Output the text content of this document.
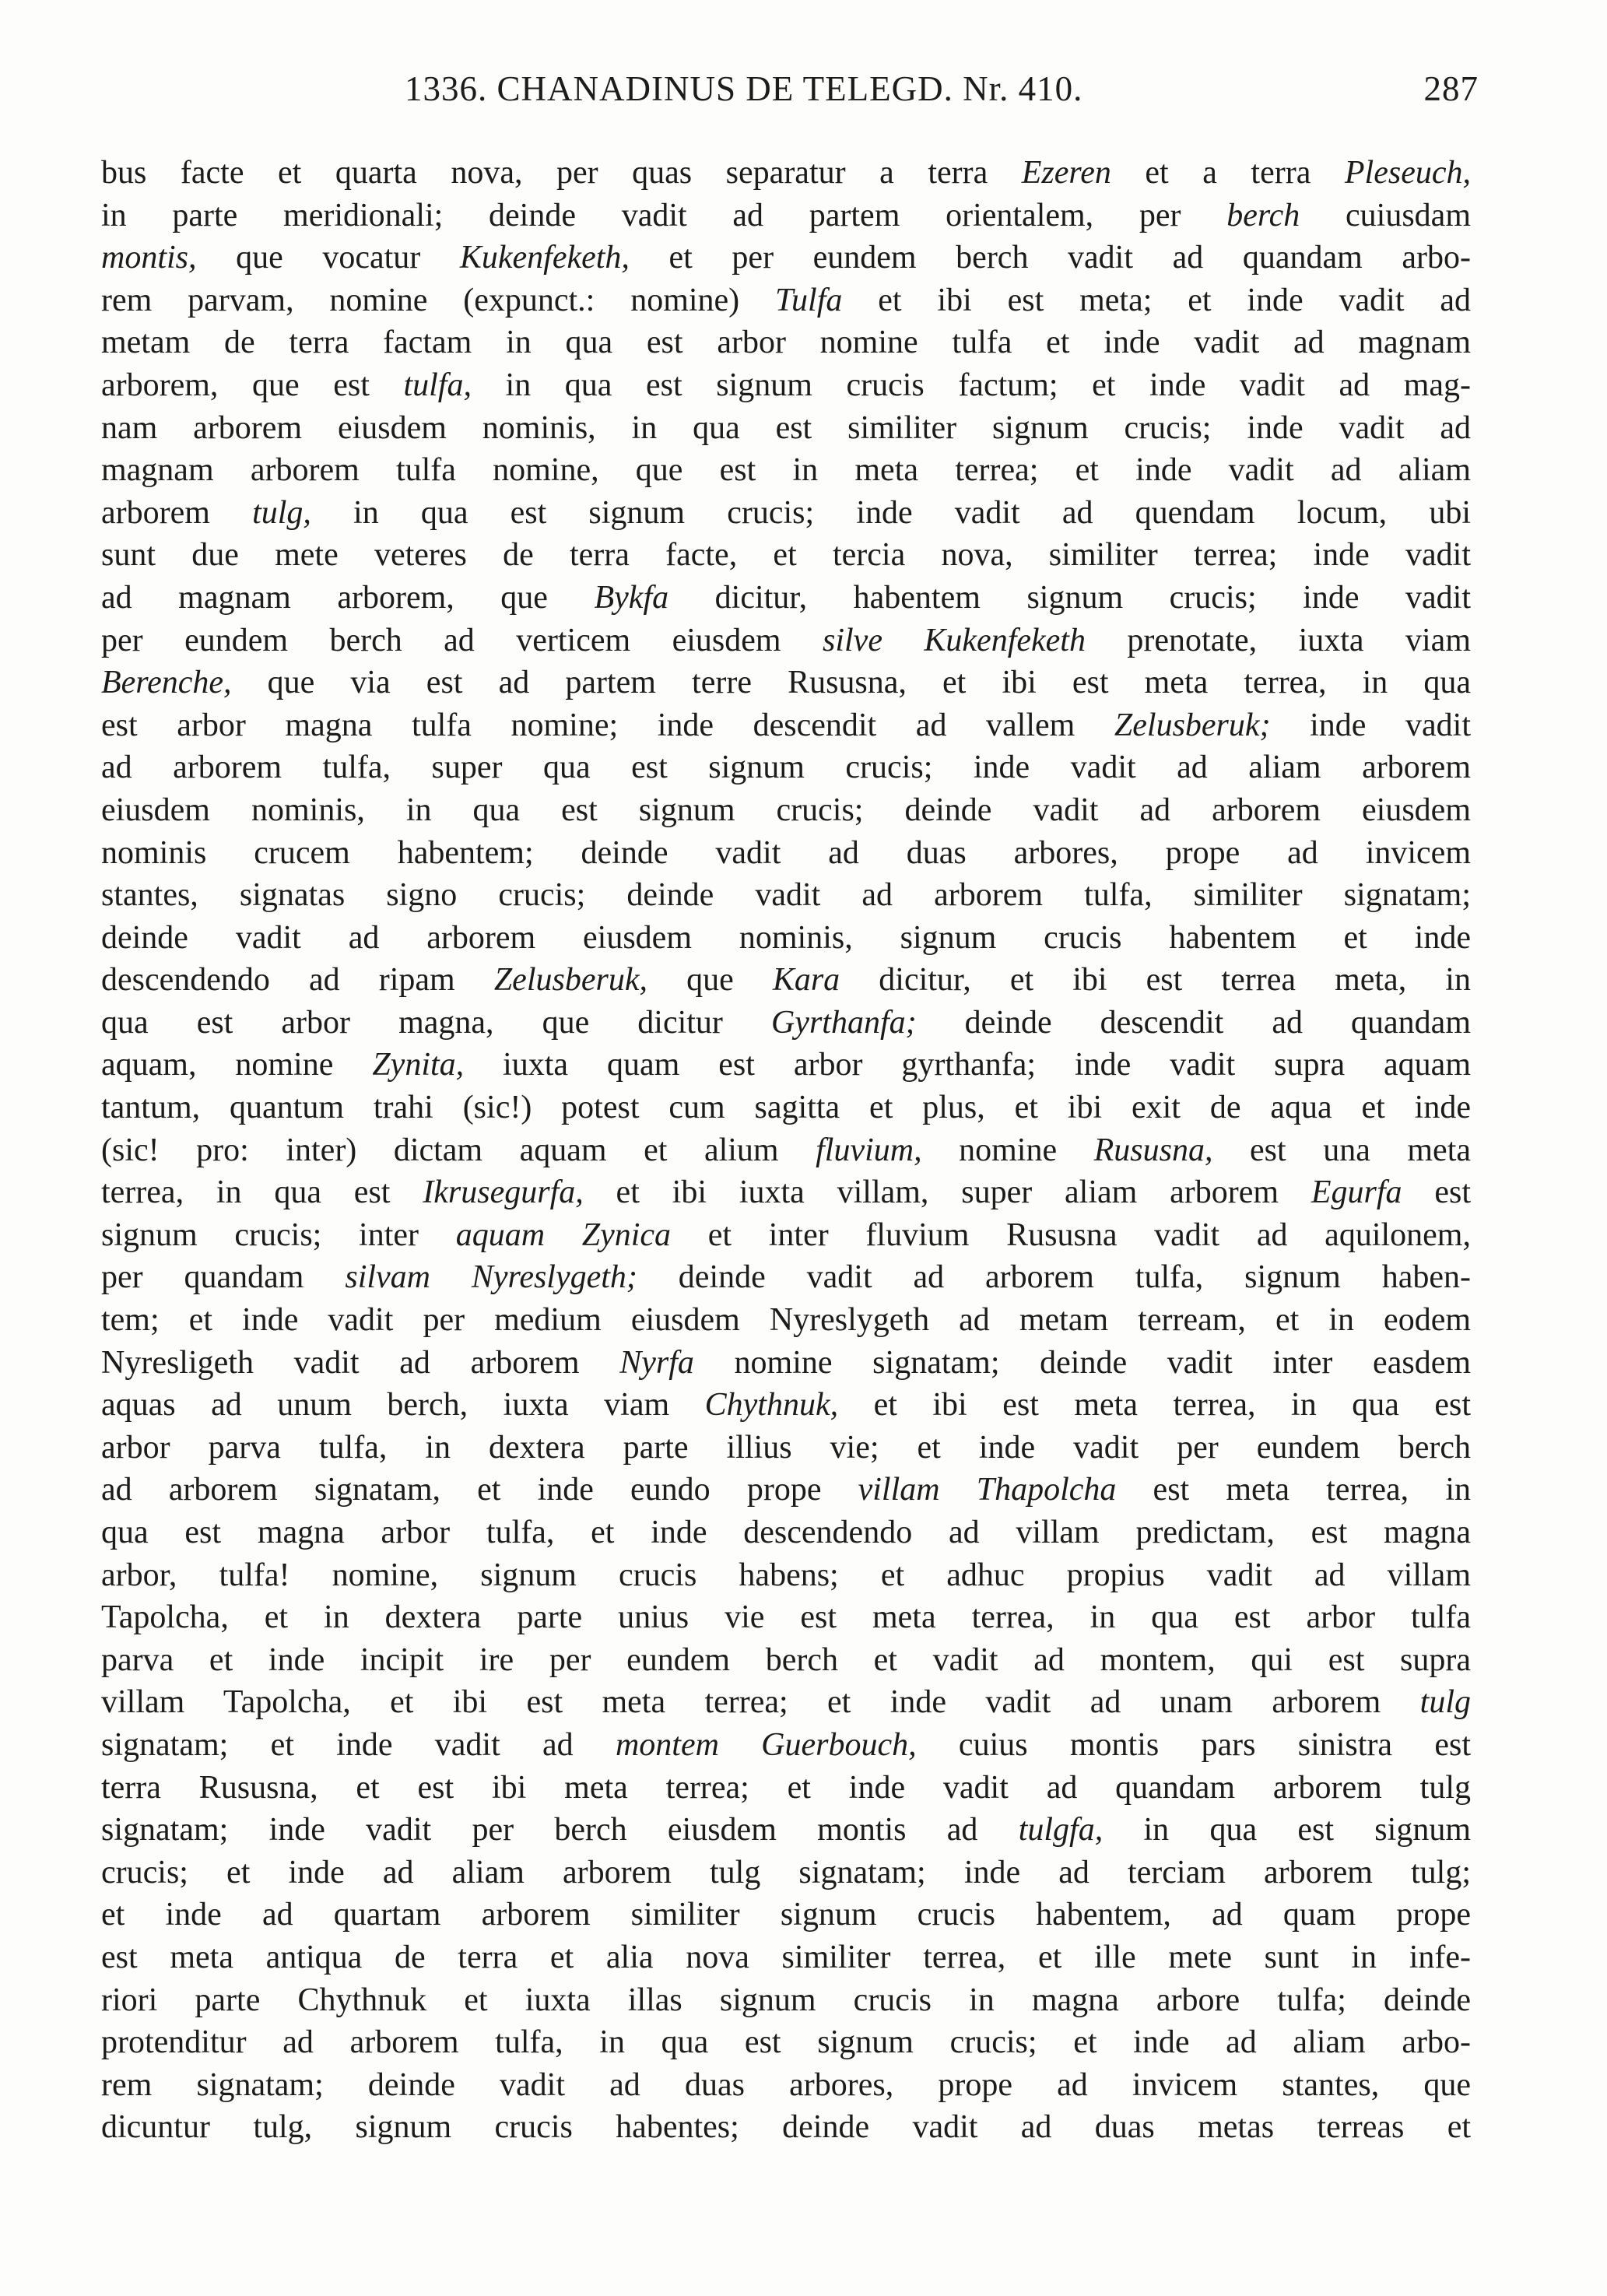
1336. CHANADINUS DE TELEGD. Nr. 410.	287
bus facte et quarta nova, per quas separatur a terra Ezeren et a terra Pleseuch,
in parte meridionali; deinde vadit ad partem orientalem, per berch cuiusdam
montis, que vocatur Kukenfeketh, et per eundem berch vadit ad quandam arbo-
rem parvam, nomine (expunct.: nomine) Tulfa et ibi est meta; et inde vadit ad
metam de terra factam in qua est arbor nomine tulfa et inde vadit ad magnam
arborem, que est tulfa, in qua est signum crucis factum; et inde vadit ad mag-
nam arborem eiusdem nominis, in qua est similiter signum crucis; inde vadit ad
magnam arborem tulfa nomine, que est in meta terrea; et inde vadit ad aliam
arborem tulg, in qua est signum crucis; inde vadit ad quendam locum, ubi
sunt due mete veteres de terra facte, et tercia nova, similiter terrea; inde vadit
ad magnam arborem, que Bykfa dicitur, habentem signum crucis; inde vadit
per eundem berch ad verticem eiusdem silve Kukenfeketh prenotate, iuxta viam
Berenche, que via est ad partem terre Rususna, et ibi est meta terrea, in qua
est arbor magna tulfa nomine; inde descendit ad vallem Zelusberuk; inde vadit
ad arborem tulfa, super qua est signum crucis; inde vadit ad aliam arborem
eiusdem nominis, in qua est signum crucis; deinde vadit ad arborem eiusdem
nominis crucem habentem; deinde vadit ad duas arbores, prope ad invicem
stantes, signatas signo crucis; deinde vadit ad arborem tulfa, similiter signatam;
deinde vadit ad arborem eiusdem nominis, signum crucis habentem et inde
descendendo ad ripam Zelusberuk, que Kara dicitur, et ibi est terrea meta, in
qua est arbor magna, que dicitur Gyrthanfa; deinde descendit ad quandam
aquam, nomine Zynita, iuxta quam est arbor gyrthanfa; inde vadit supra aquam
tantum, quantum trahi (sic!) potest cum sagitta et plus, et ibi exit de aqua et inde
(sic! pro: inter) dictam aquam et alium fluvium, nomine Rususna, est una meta
terrea, in qua est Ikrusegurfa, et ibi iuxta villam, super aliam arborem Egurfa est
signum crucis; inter aquam Zynica et inter fluvium Rususna vadit ad aquilonem,
per quandam silvam Nyreslygeth; deinde vadit ad arborem tulfa, signum haben-
tem; et inde vadit per medium eiusdem Nyreslygeth ad metam terream, et in eodem
Nyresligeth vadit ad arborem Nyrfa nomine signatam; deinde vadit inter easdem
aquas ad unum berch, iuxta viam Chythnuk, et ibi est meta terrea, in qua est
arbor parva tulfa, in dextera parte illius vie; et inde vadit per eundem berch
ad arborem signatam, et inde eundo prope villam Thapolcha est meta terrea, in
qua est magna arbor tulfa, et inde descendendo ad villam predictam, est magna
arbor, tulfa! nomine, signum crucis habens; et adhuc propius vadit ad villam
Tapolcha, et in dextera parte unius vie est meta terrea, in qua est arbor tulfa
parva et inde incipit ire per eundem berch et vadit ad montem, qui est supra
villam Tapolcha, et ibi est meta terrea; et inde vadit ad unam arborem tulg
signatam; et inde vadit ad montem Guerbouch, cuius montis pars sinistra est
terra Rususna, et est ibi meta terrea; et inde vadit ad quandam arborem tulg
signatam; inde vadit per berch eiusdem montis ad tulgfa, in qua est signum
crucis; et inde ad aliam arborem tulg signatam; inde ad terciam arborem tulg;
et inde ad quartam arborem similiter signum crucis habentem, ad quam prope
est meta antiqua de terra et alia nova similiter terrea, et ille mete sunt in infe-
riori parte Chythnuk et iuxta illas signum crucis in magna arbore tulfa; deinde
protenditur ad arborem tulfa, in qua est signum crucis; et inde ad aliam arbo-
rem signatam; deinde vadit ad duas arbores, prope ad invicem stantes, que
dicuntur tulg, signum crucis habentes; deinde vadit ad duas metas terreas et
